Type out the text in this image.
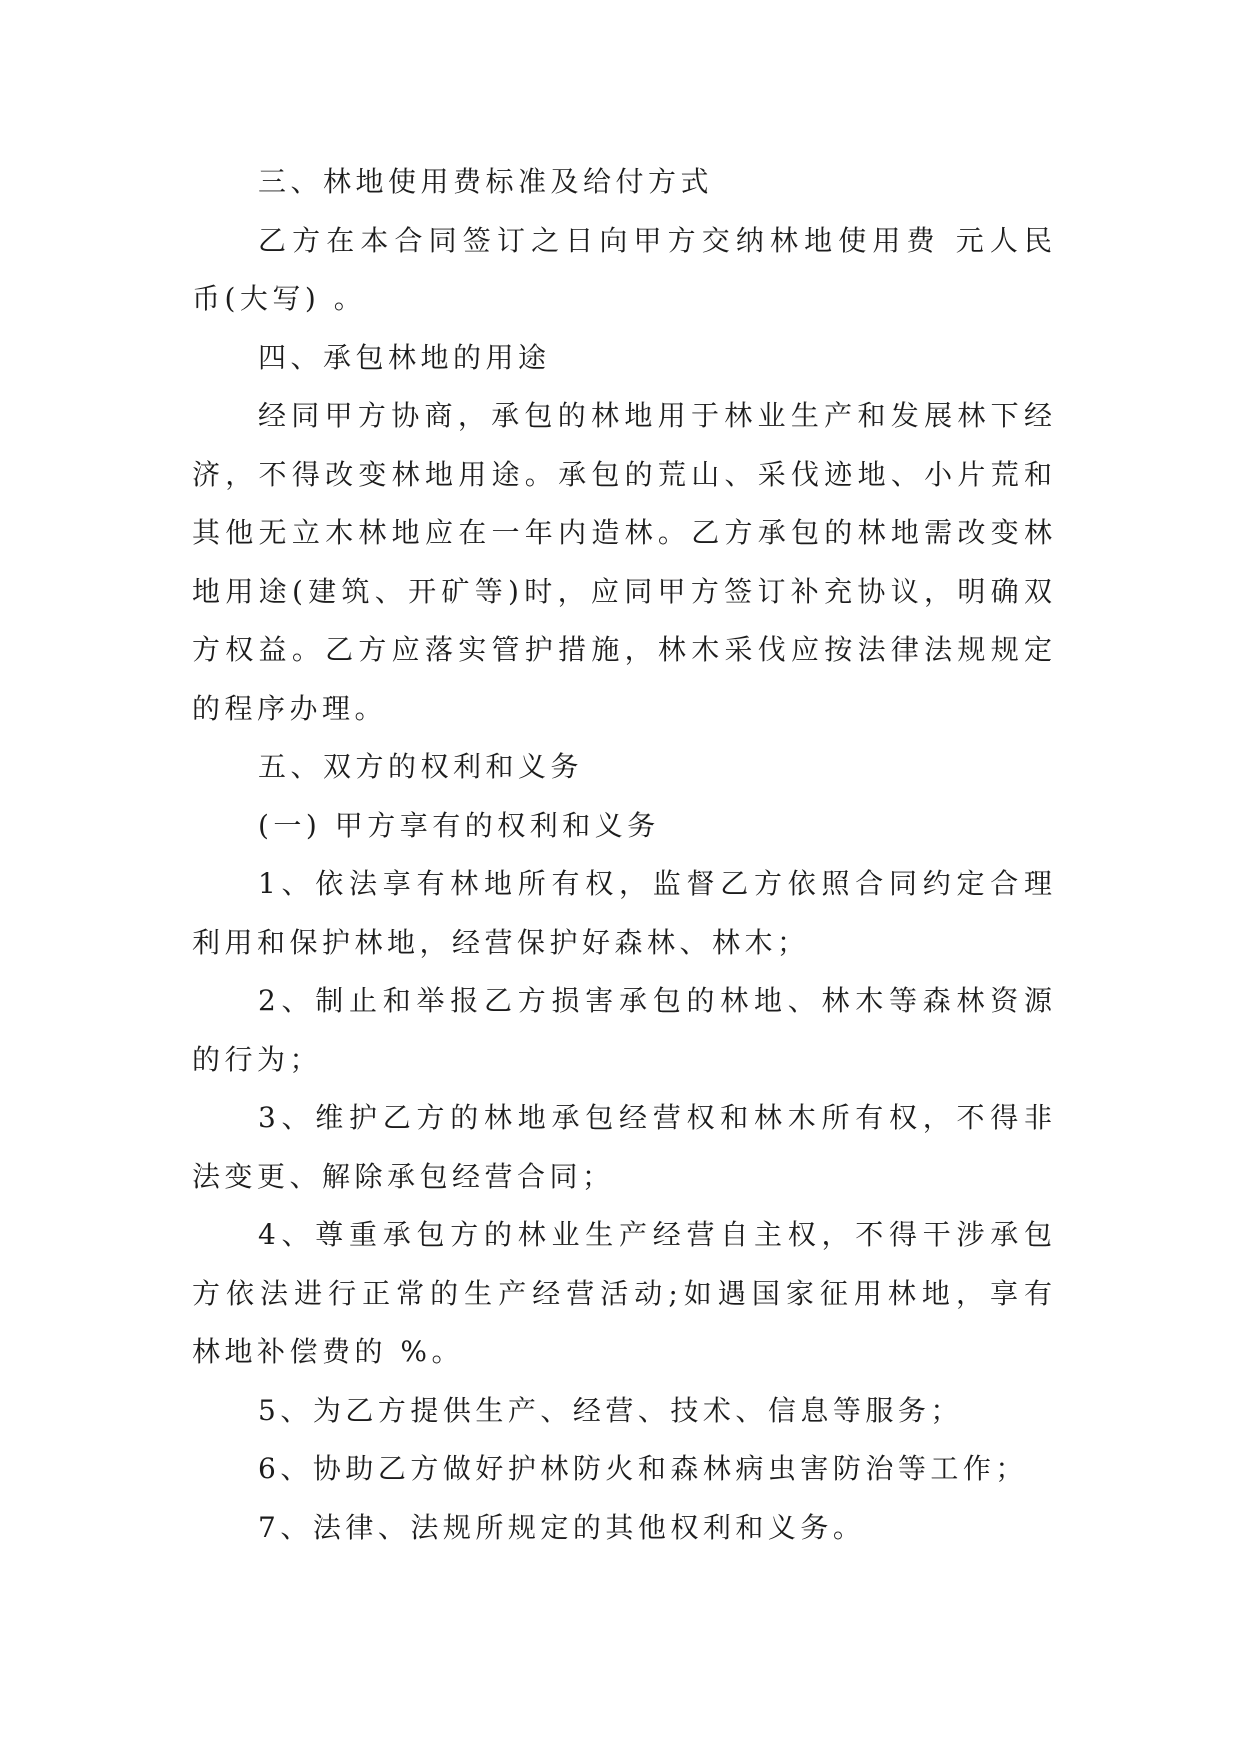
三、林地使用费标准及给付方式
乙方在本合同签订之日向甲方交纳林地使用费 元人民
币(大写) 。
四、承包林地的用途
经同甲方协商，承包的林地用于林业生产和发展林下经
济，不得改变林地用途。承包的荒山、采伐迹地、小片荒和
其他无立木林地应在一年内造林。乙方承包的林地需改变林
地用途(建筑、开矿等)时，应同甲方签订补充协议，明确双
方权益。乙方应落实管护措施，林木采伐应按法律法规规定
的程序办理。
五、双方的权利和义务
(一) 甲方享有的权利和义务
1、依法享有林地所有权，监督乙方依照合同约定合理
利用和保护林地，经营保护好森林、林木；
2、制止和举报乙方损害承包的林地、林木等森林资源
的行为；
3、维护乙方的林地承包经营权和林木所有权，不得非
法变更、解除承包经营合同；
4、尊重承包方的林业生产经营自主权，不得干涉承包
方依法进行正常的生产经营活动;如遇国家征用林地，享有
林地补偿费的 %。
5、为乙方提供生产、经营、技术、信息等服务；
6、协助乙方做好护林防火和森林病虫害防治等工作；
7、法律、法规所规定的其他权利和义务。
